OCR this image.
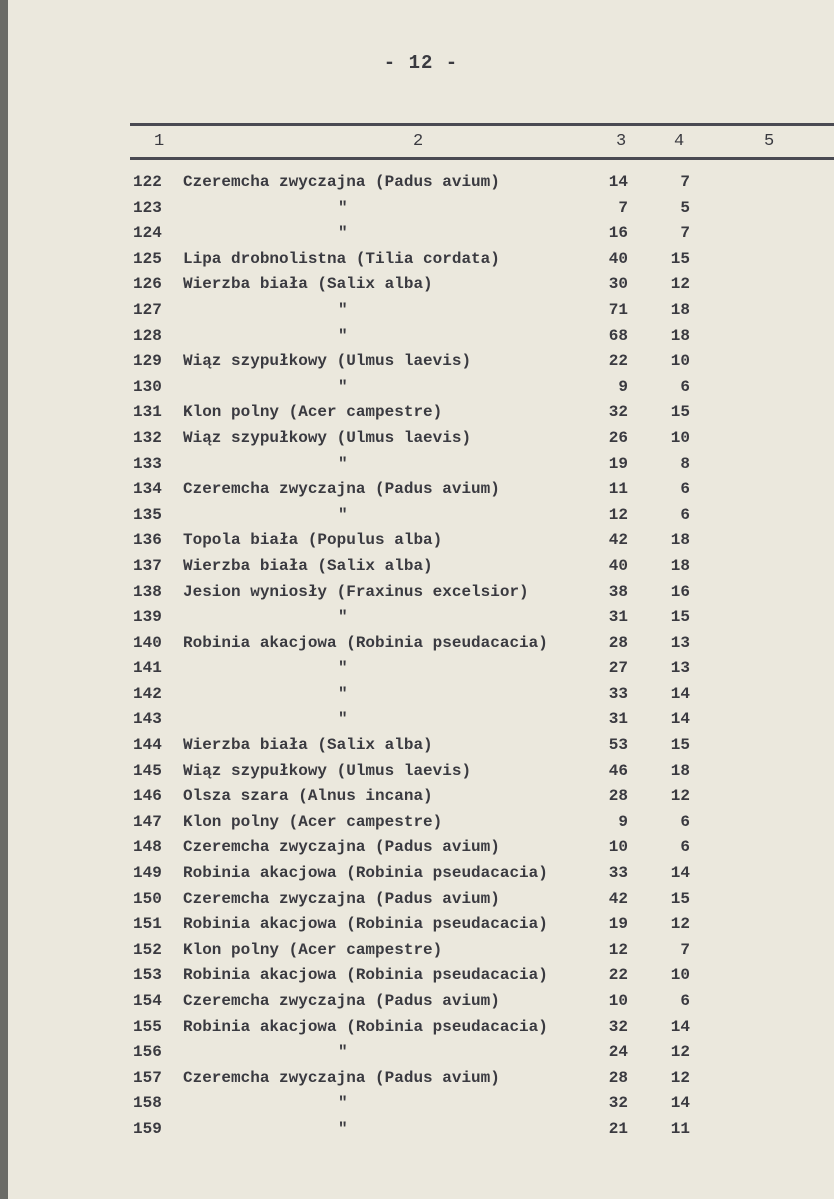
- 12 -
1	2	3	4	5
122 Czeremcha zwyczajna (Padus avium)	14	7
123	"	7	5
124	"	16	7
125 Lipa drobnolistna (Tilia cordata)	40	15
126 Wierzba biała (Salix alba)	30	12
127	"	71	18
128	"	68	18
129 Wiąz szypułkowy (Ulmus laevis)	22	10
130	"	9	6
131 Klon polny (Acer campestre)	32	15
132 Wiąz szypułkowy (Ulmus laevis)	26	10
133	"	19	8
134 Czeremcha zwyczajna (Padus avium)	11	6
135	"	12	6
136 Topola biała (Populus alba)	42	18
137 Wierzba biała (Salix alba)	40	18
138 Jesion wyniosły (Fraxinus excelsior)	38	16
139	"	31	15
140 Robinia akacjowa (Robinia pseudacacia)	28	13
141	"	27	13
142	"	33	14
143	"	31	14
144 Wierzba biała (Salix alba)	53	15
145 Wiąz szypułkowy (Ulmus laevis)	46	18
146 Olsza szara (Alnus incana)	28	12
147 Klon polny (Acer campestre)	9	6
148 Czeremcha zwyczajna (Padus avium)	10	6
149 Robinia akacjowa (Robinia pseudacacia)	33	14
150 Czeremcha zwyczajna (Padus avium)	42	15
151 Robinia akacjowa (Robinia pseudacacia)	19	12
152 Klon polny (Acer campestre)	12	7
153 Robinia akacjowa (Robinia pseudacacia)	22	10
154 Czeremcha zwyczajna (Padus avium)	10	6
155 Robinia akacjowa (Robinia pseudacacia)	32	14
156	"	24	12
157 Czeremcha zwyczajna (Padus avium)	28	12
158	"	32	14
159	"	21	11
